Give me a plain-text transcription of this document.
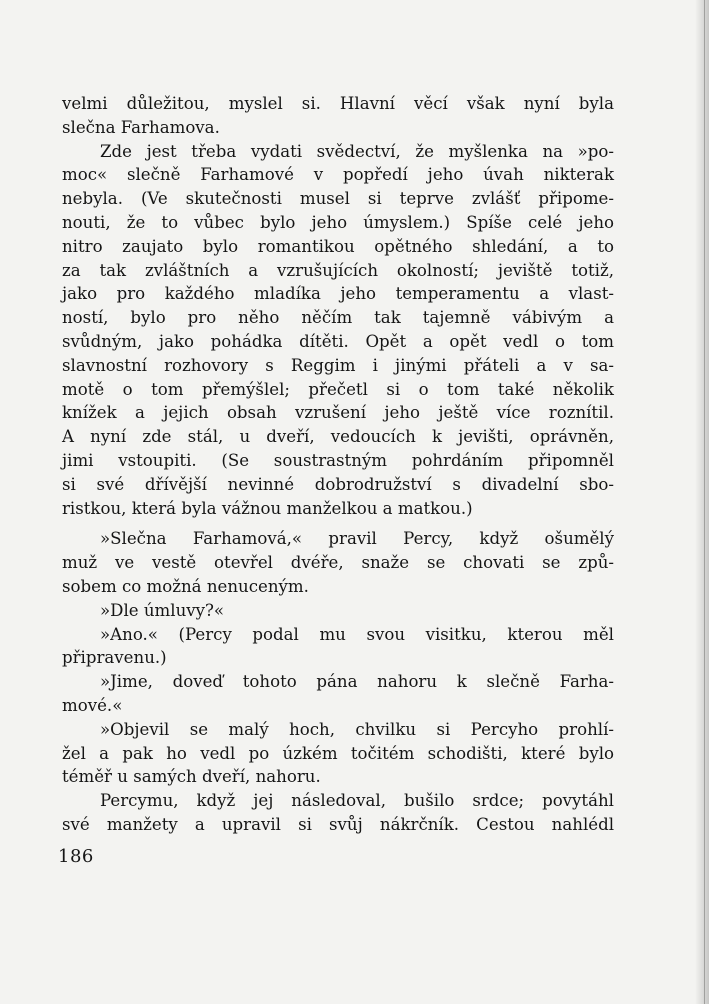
velmi důležitou, myslel si. Hlavní věcí však nyní byla
slečna Farhamova.
Zde jest třeba vydati svědectví, že myšlenka na »po-
moc« slečně Farhamové v popředí jeho úvah nikterak
nebyla. (Ve skutečnosti musel si teprve zvlášť připome-
nouti, že to vůbec bylo jeho úmyslem.) Spíše celé jeho
nitro zaujato bylo romantikou opětného shledání, a to
za tak zvláštních a vzrušujících okolností; jeviště totiž,
jako pro každého mladíka jeho temperamentu a vlast-
ností, bylo pro něho něčím tak tajemně vábivým a
svůdným, jako pohádka dítěti. Opět a opět vedl o tom
slavnostní rozhovory s Reggim i jinými přáteli a v sa-
motě o tom přemýšlel; přečetl si o tom také několik
knížek a jejich obsah vzrušení jeho ještě více roznítil.
A nyní zde stál, u dveří, vedoucích k jevišti, oprávněn,
jimi vstoupiti. (Se soustrastným pohrdáním připomněl
si své dřívější nevinné dobrodružství s divadelní sbo-
ristkou, která byla vážnou manželkou a matkou.)
»Slečna Farhamová,« pravil Percy, když ošumělý
muž ve vestě otevřel dvéře, snaže se chovati se způ-
sobem co možná nenuceným.
»Dle úmluvy?«
»Ano.« (Percy podal mu svou visitku, kterou měl
připravenu.)
»Jime, doveď tohoto pána nahoru k slečně Farha-
mové.«
»Objevil se malý hoch, chvilku si Percyho prohlí-
žel a pak ho vedl po úzkém točitém schodišti, které bylo
téměř u samých dveří, nahoru.
Percymu, když jej následoval, bušilo srdce; povytáhl
své manžety a upravil si svůj nákrčník. Cestou nahlédl
186
